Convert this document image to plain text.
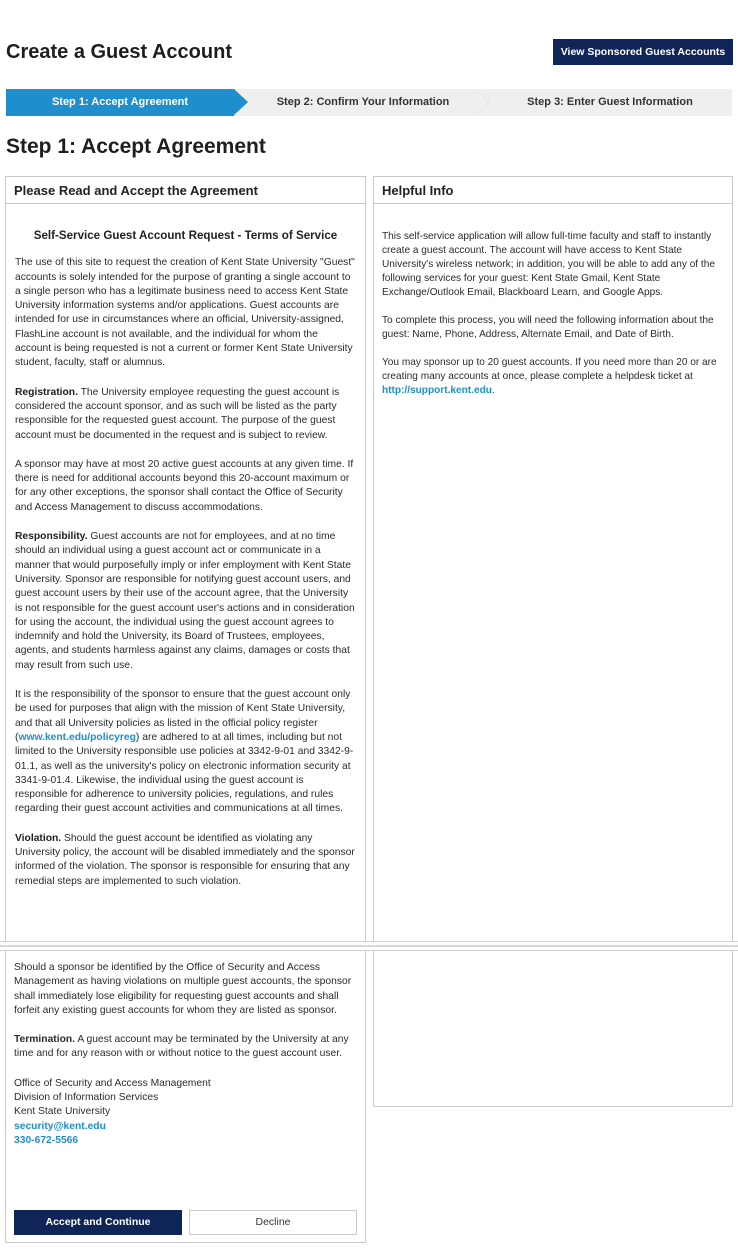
Create a Guest Account	View Sponsored Guest Accounts
Step 1: Accept Agreement	Step 2: Confirm Your Information	Step 3: Enter Guest Information
Step 1: Accept Agreement
Please Read and Accept the Agreement
Self-Service Guest Account Request - Terms of Service

The use of this site to request the creation of Kent State University "Guest" accounts is solely intended for the purpose of granting a single account to a single person who has a legitimate business need to access Kent State University information systems and/or applications. Guest accounts are intended for use in circumstances where an official, University-assigned, FlashLine account is not available, and the individual for whom the account is being requested is not a current or former Kent State University student, faculty, staff or alumnus.

Registration. The University employee requesting the guest account is considered the account sponsor, and as such will be listed as the party responsible for the requested guest account. The purpose of the guest account must be documented in the request and is subject to review.

A sponsor may have at most 20 active guest accounts at any given time. If there is need for additional accounts beyond this 20-account maximum or for any other exceptions, the sponsor shall contact the Office of Security and Access Management to discuss accommodations.

Responsibility. Guest accounts are not for employees, and at no time should an individual using a guest account act or communicate in a manner that would purposefully imply or infer employment with Kent State University. Sponsor are responsible for notifying guest account users, and guest account users by their use of the account agree, that the University is not responsible for the guest account user's actions and in consideration for using the account, the individual using the guest account agrees to indemnify and hold the University, its Board of Trustees, employees, agents, and students harmless against any claims, damages or costs that may result from such use.

It is the responsibility of the sponsor to ensure that the guest account only be used for purposes that align with the mission of Kent State University, and that all University policies as listed in the official policy register (www.kent.edu/policyreg) are adhered to at all times, including but not limited to the University responsible use policies at 3342-9-01 and 3342-9-01.1, as well as the university's policy on electronic information security at 3341-9-01.4. Likewise, the individual using the guest account is responsible for adherence to university policies, regulations, and rules regarding their guest account activities and communications at all times.

Violation. Should the guest account be identified as violating any University policy, the account will be disabled immediately and the sponsor informed of the violation. The sponsor is responsible for ensuring that any remedial steps are implemented to such violation.

Helpful Info

This self-service application will allow full-time faculty and staff to instantly create a guest account. The account will have access to Kent State University's wireless network; in addition, you will be able to add any of the following services for your guest: Kent State Gmail, Kent State Exchange/Outlook Email, Blackboard Learn, and Google Apps.

To complete this process, you will need the following information about the guest: Name, Phone, Address, Alternate Email, and Date of Birth.

You may sponsor up to 20 guest accounts. If you need more than 20 or are creating many accounts at once, please complete a helpdesk ticket at http://support.kent.edu.

Should a sponsor be identified by the Office of Security and Access Management as having violations on multiple guest accounts, the sponsor shall immediately lose eligibility for requesting guest accounts and shall forfeit any existing guest accounts for whom they are listed as sponsor.

Termination. A guest account may be terminated by the University at any time and for any reason with or without notice to the guest account user.

Office of Security and Access Management
Division of Information Services
Kent State University
security@kent.edu
330-672-5566

Accept and Continue	Decline
